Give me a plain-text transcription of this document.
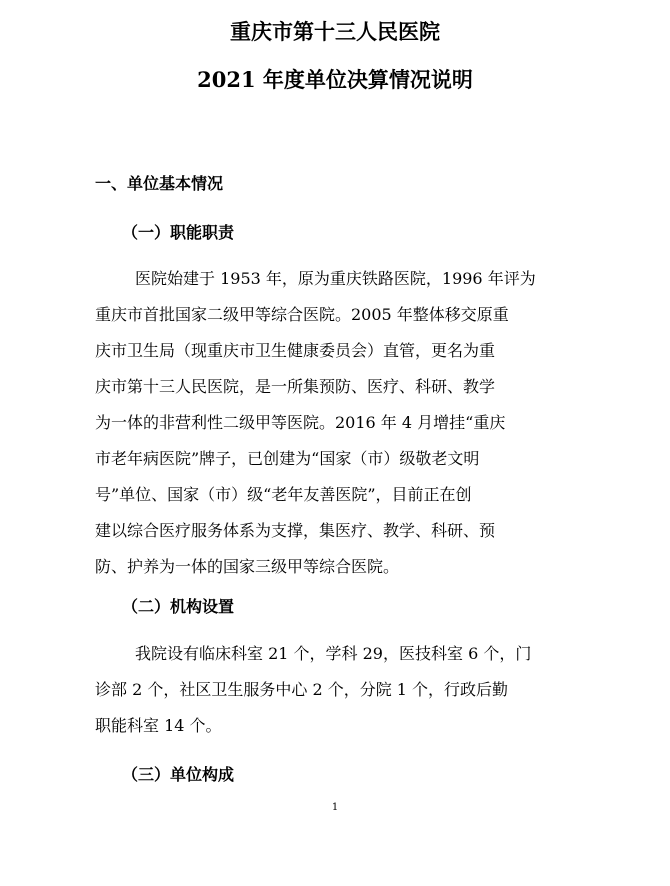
重庆市第十三人民医院
2021 年度单位决算情况说明
一、单位基本情况
（一）职能职责

医院始建于 1953 年，原为重庆铁路医院，1996 年评为
重庆市首批国家二级甲等综合医院。2005 年整体移交原重
庆市卫生局（现重庆市卫生健康委员会）直管，更名为重
庆市第十三人民医院，是一所集预防、医疗、科研、教学
为一体的非营利性二级甲等医院。2016 年 4 月增挂“重庆
市老年病医院”牌子，已创建为“国家（市）级敬老文明
号”单位、国家（市）级“老年友善医院”，目前正在创
建以综合医疗服务体系为支撑，集医疗、教学、科研、预
防、护养为一体的国家三级甲等综合医院。

（二）机构设置

我院设有临床科室 21 个，学科 29，医技科室 6 个，门
诊部 2 个，社区卫生服务中心 2 个，分院 1 个，行政后勤
职能科室 14 个。

（三）单位构成
1
